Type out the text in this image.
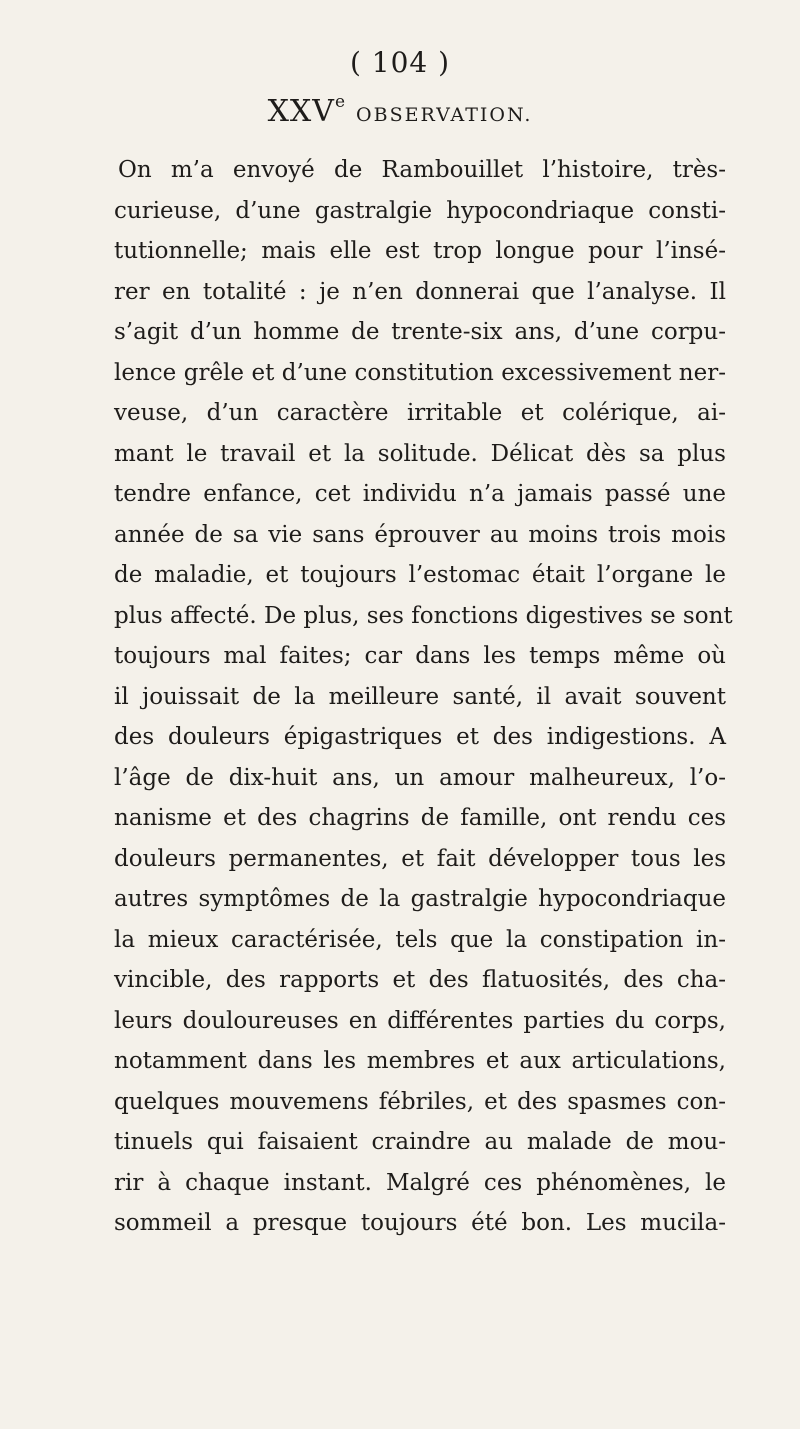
( 104 )
XXVeOBSERVATION.
On m’a envoyé de Rambouillet l’histoire, très-
curieuse, d’une gastralgie hypocondriaque consti-
tutionnelle; mais elle est trop longue pour l’insé-
rer en totalité : je n’en donnerai que l’analyse. Il
s’agit d’un homme de trente-six ans, d’une corpu-
lence grêle et d’une constitution excessivement ner-
veuse, d’un caractère irritable et colérique, ai-
mant le travail et la solitude. Délicat dès sa plus
tendre enfance, cet individu n’a jamais passé une
année de sa vie sans éprouver au moins trois mois
de maladie, et toujours l’estomac était l’organe le
plus affecté. De plus, ses fonctions digestives se sont
toujours mal faites; car dans les temps même où
il jouissait de la meilleure santé, il avait souvent
des douleurs épigastriques et des indigestions. A
l’âge de dix-huit ans, un amour malheureux, l’o-
nanisme et des chagrins de famille, ont rendu ces
douleurs permanentes, et fait développer tous les
autres symptômes de la gastralgie hypocondriaque
la mieux caractérisée, tels que la constipation in-
vincible, des rapports et des flatuosités, des cha-
leurs douloureuses en différentes parties du corps,
notamment dans les membres et aux articulations,
quelques mouvemens fébriles, et des spasmes con-
tinuels qui faisaient craindre au malade de mou-
rir à chaque instant. Malgré ces phénomènes, le
sommeil a presque toujours été bon. Les mucila-
